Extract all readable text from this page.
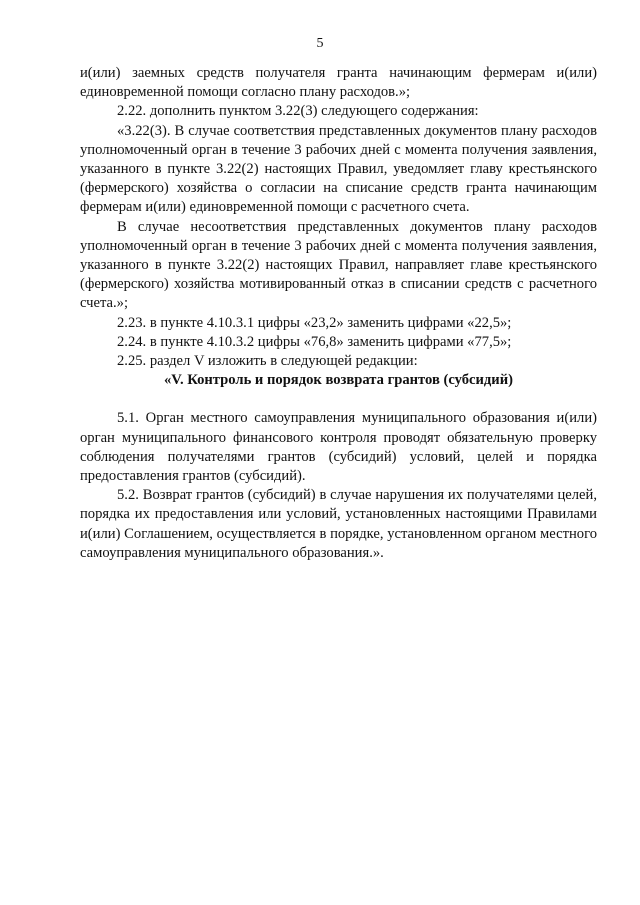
5

и(или) заемных средств получателя гранта начинающим фермерам и(или) единовременной помощи согласно плану расходов.»;

2.22. дополнить пунктом 3.22(3) следующего содержания:

«3.22(3). В случае соответствия представленных документов плану расходов уполномоченный орган в течение 3 рабочих дней с момента получения заявления, указанного в пункте 3.22(2) настоящих Правил, уведомляет главу крестьянского (фермерского) хозяйства о согласии на списание средств гранта начинающим фермерам и(или) единовременной помощи с расчетного счета.

В случае несоответствия представленных документов плану расходов уполномоченный орган в течение 3 рабочих дней с момента получения заявления, указанного в пункте 3.22(2) настоящих Правил, направляет главе крестьянского (фермерского) хозяйства мотивированный отказ в списании средств с расчетного счета.»;

2.23. в пункте 4.10.3.1 цифры «23,2» заменить цифрами «22,5»;

2.24. в пункте 4.10.3.2 цифры «76,8» заменить цифрами «77,5»;

2.25. раздел V изложить в следующей редакции:

«V. Контроль и порядок возврата грантов (субсидий)

5.1. Орган местного самоуправления муниципального образования и(или) орган муниципального финансового контроля проводят обязательную проверку соблюдения получателями грантов (субсидий) условий, целей и порядка предоставления грантов (субсидий).

5.2. Возврат грантов (субсидий) в случае нарушения их получателями целей, порядка их предоставления или условий, установленных настоящими Правилами и(или) Соглашением, осуществляется в порядке, установленном органом местного самоуправления муниципального образования.».
